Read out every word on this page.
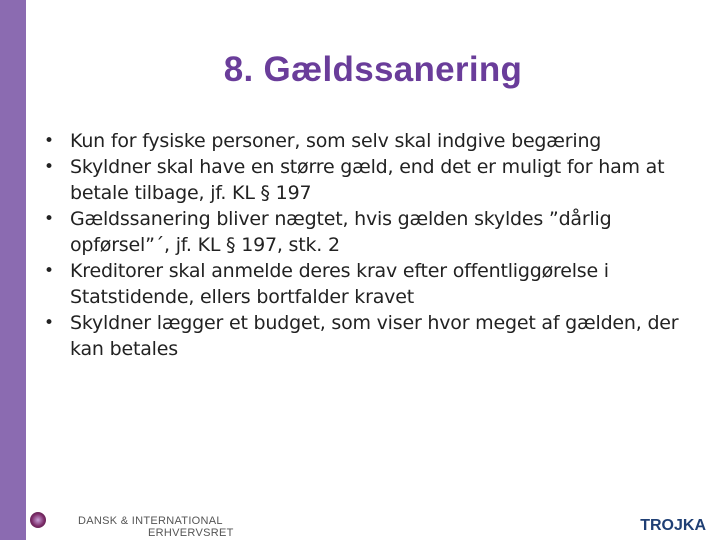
8. Gældssanering
• Kun for fysiske personer, som selv skal indgive begæring
• Skyldner skal have en større gæld, end det er muligt for ham at betale tilbage, jf. KL § 197
• Gældssanering bliver nægtet, hvis gælden skyldes ”dårlig opførsel”´, jf. KL § 197, stk. 2
• Kreditorer skal anmelde deres krav efter offentliggørelse i Statstidende, ellers bortfalder kravet
• Skyldner lægger et budget, som viser hvor meget af gælden, der kan betales
DANSK & INTERNATIONAL
ERHVERVSRET	TROJKA
